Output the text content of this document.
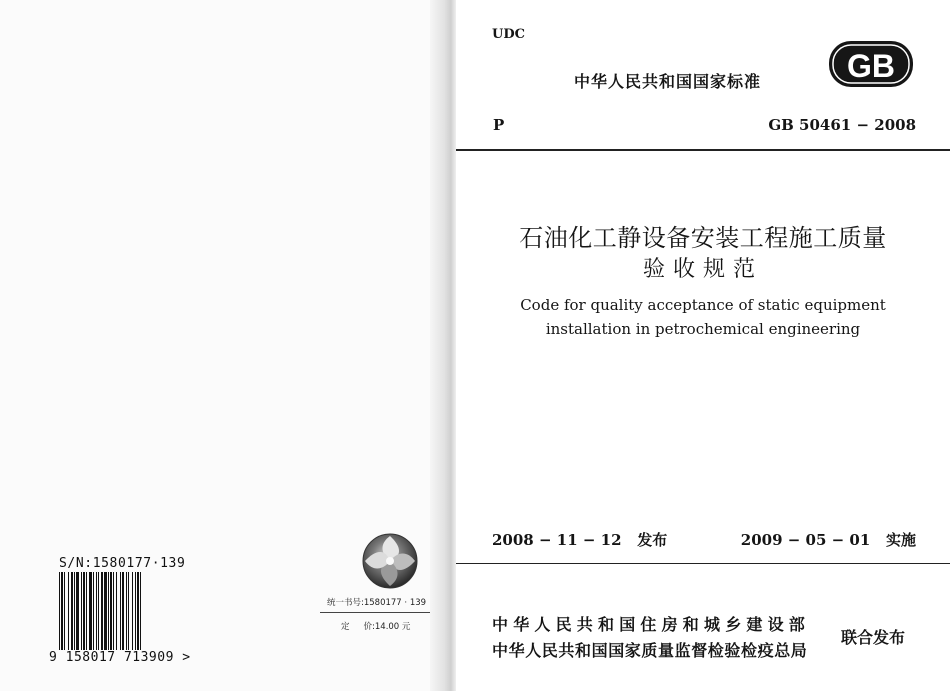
S/N:1580177·139
9 158017 713909 >
统一书号:1580177 · 139
定 价:14.00 元
UDC
中华人民共和国国家标准	GB
P	GB 50461 − 2008
石油化工静设备安装工程施工质量
验收规范
Code for quality acceptance of static equipment
installation in petrochemical engineering
2008 − 11 − 12 发布	2009 − 05 − 01 实施
中华人民共和国住房和城乡建设部
中华人民共和国国家质量监督检验检疫总局
联合发布
